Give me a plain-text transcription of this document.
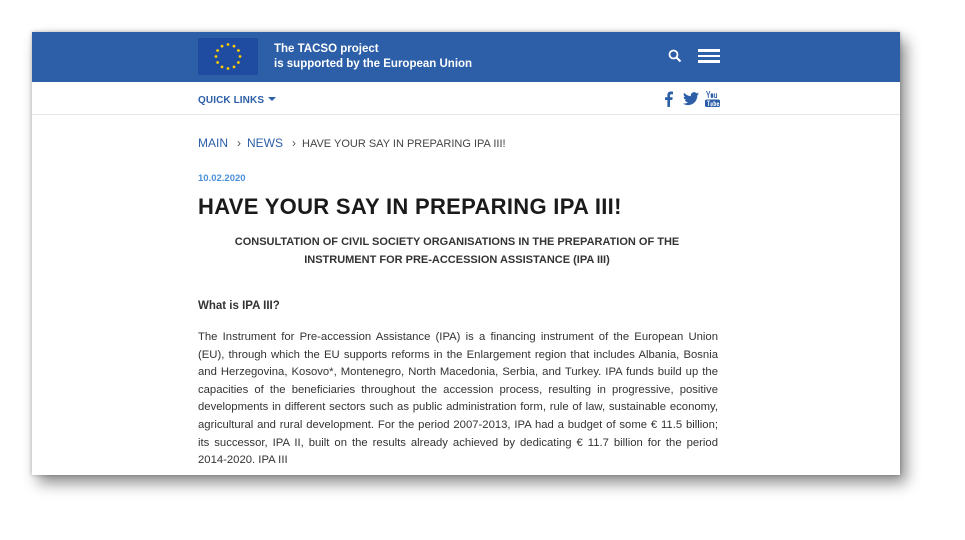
The TACSO project
is supported by the European Union
QUICK LINKS
MAIN › NEWS › HAVE YOUR SAY IN PREPARING IPA III!
10.02.2020
HAVE YOUR SAY IN PREPARING IPA III!
CONSULTATION OF CIVIL SOCIETY ORGANISATIONS IN THE PREPARATION OF THE INSTRUMENT FOR PRE-ACCESSION ASSISTANCE (IPA III)
What is IPA III?
The Instrument for Pre-accession Assistance (IPA) is a financing instrument of the European Union (EU), through which the EU supports reforms in the Enlargement region that includes Albania, Bosnia and Herzegovina, Kosovo*, Montenegro, North Macedonia, Serbia, and Turkey. IPA funds build up the capacities of the beneficiaries throughout the accession process, resulting in progressive, positive developments in different sectors such as public administration form, rule of law, sustainable economy, agricultural and rural development. For the period 2007-2013, IPA had a budget of some € 11.5 billion; its successor, IPA II, built on the results already achieved by dedicating € 11.7 billion for the period 2014-2020. IPA III
